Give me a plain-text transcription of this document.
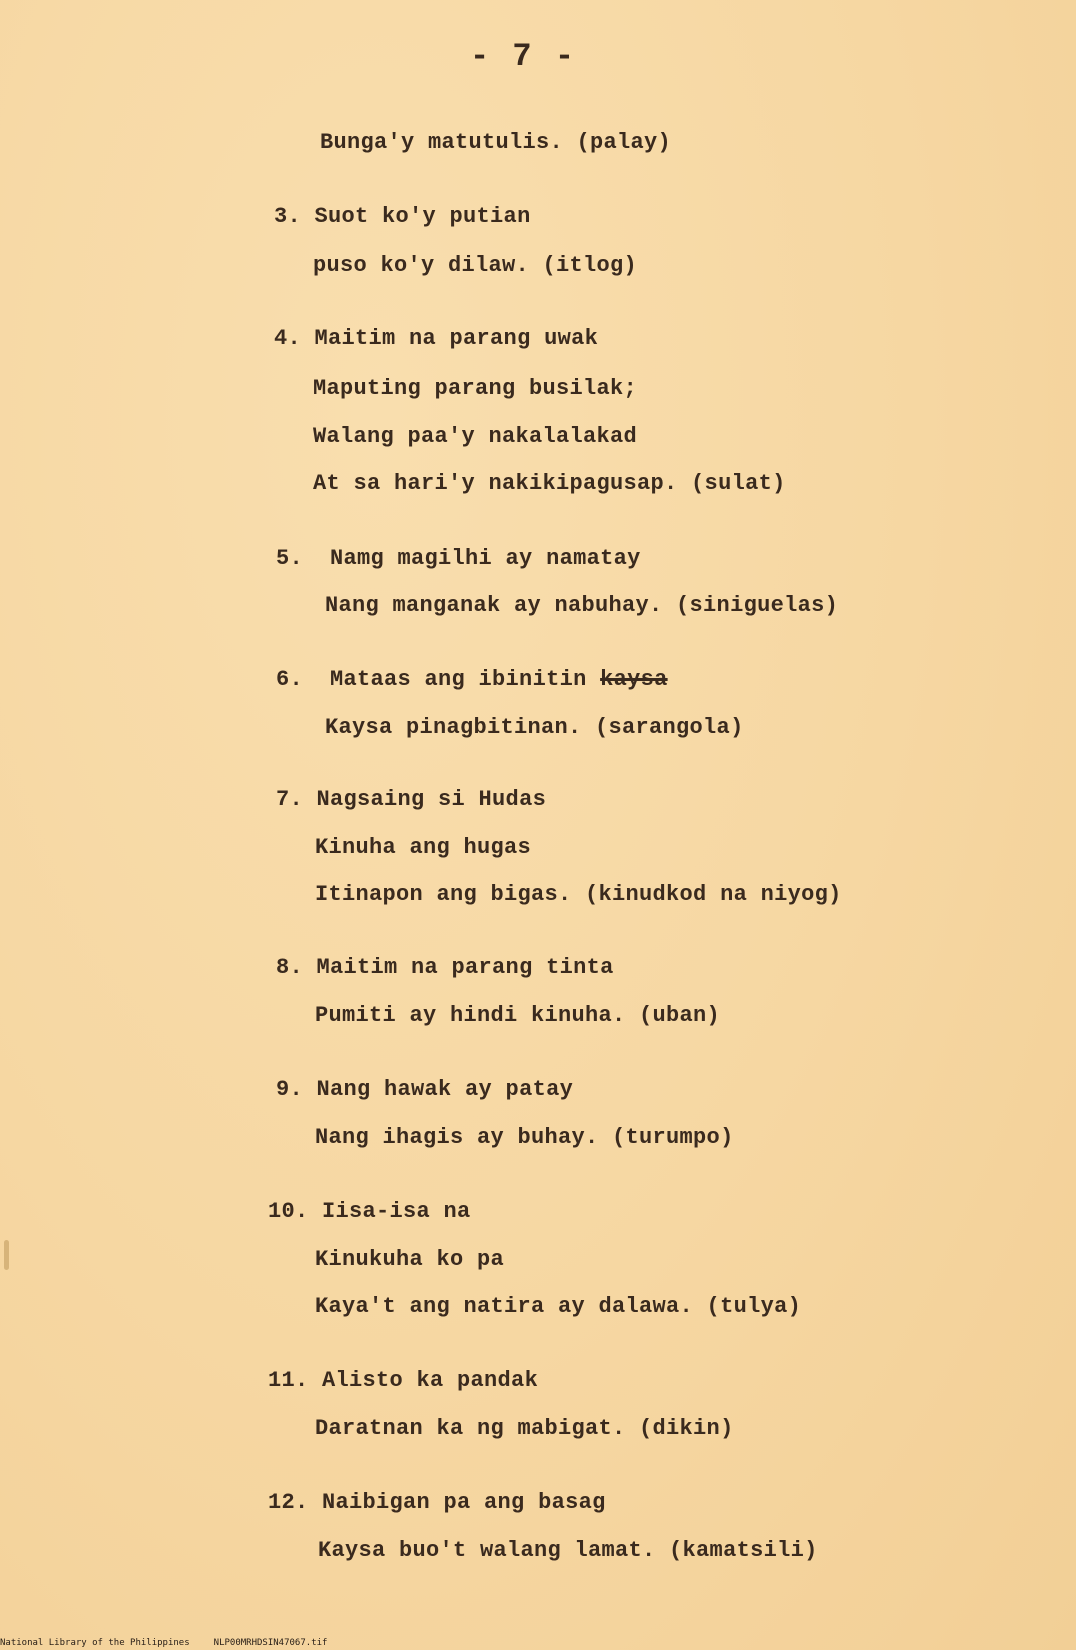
- 7 -
Bunga'y matutulis. (palay)
3. Suot ko'y putian
puso ko'y dilaw. (itlog)
4. Maitim na parang uwak
Maputing parang busilak;
Walang paa'y nakalalakad
At sa hari'y nakikipagusap. (sulat)
5. Namg magilhi ay namatay
Nang manganak ay nabuhay. (siniguelas)
6. Mataas ang ibinitin kaysa
Kaysa pinagbitinan. (sarangola)
7. Nagsaing si Hudas
Kinuha ang hugas
Itinapon ang bigas. (kinudkod na niyog)
8. Maitim na parang tinta
Pumiti ay hindi kinuha. (uban)
9. Nang hawak ay patay
Nang ihagis ay buhay. (turumpo)
10. Iisa-isa na
Kinukuha ko pa
Kaya't ang natira ay dalawa. (tulya)
11. Alisto ka pandak
Daratnan ka ng mabigat. (dikin)
12. Naibigan pa ang basag
Kaysa buo't walang lamat. (kamatsili)
National Library of the Philippines	NLP00MRHDSIN47067.tif
